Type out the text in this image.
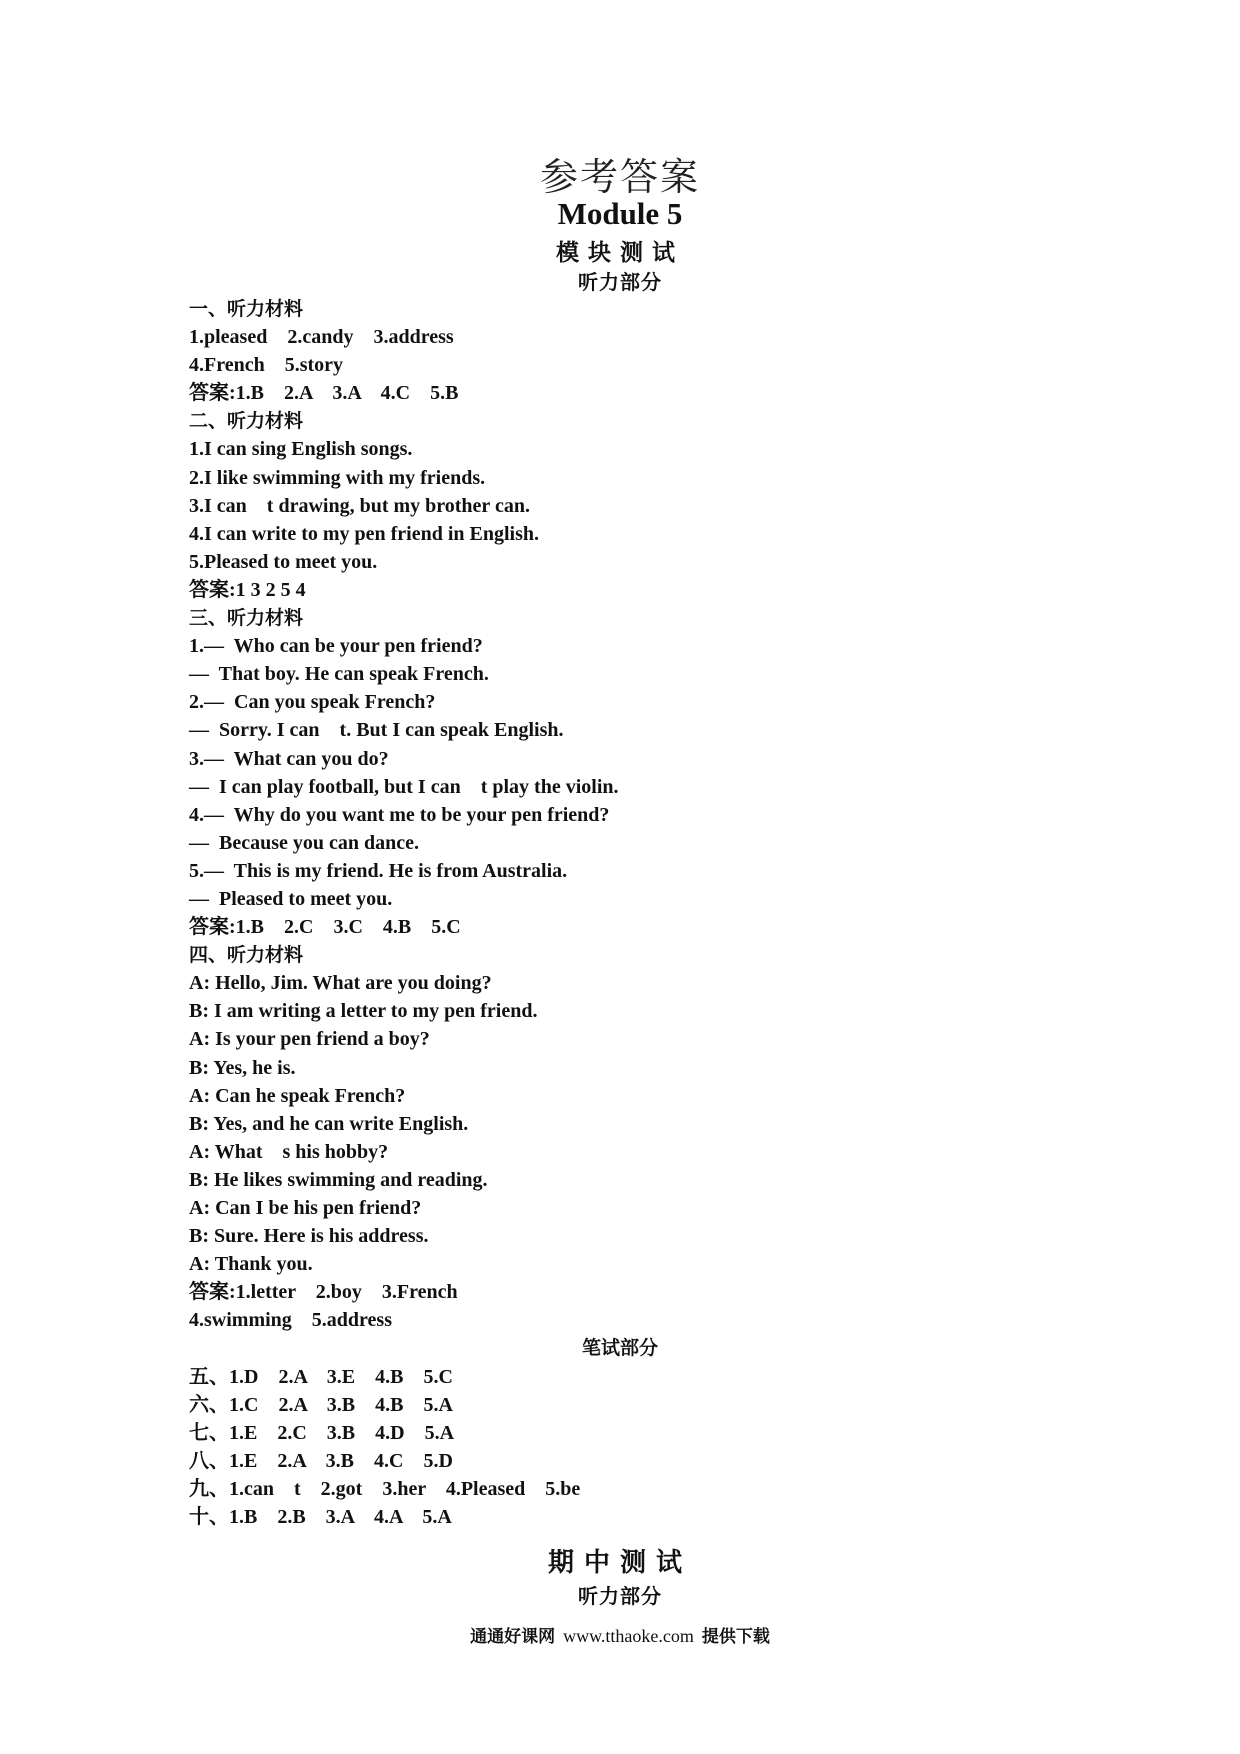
参考答案
Module 5
模块测试
听力部分
一、听力材料
1.pleased    2.candy    3.address
4.French    5.story
答案:1.B    2.A    3.A    4.C    5.B
二、听力材料
1.I can sing English songs.
2.I like swimming with my friends.
3.I can    t drawing, but my brother can.
4.I can write to my pen friend in English.
5.Pleased to meet you.
答案:1 3 2 5 4
三、听力材料
1.—  Who can be your pen friend?
—  That boy. He can speak French.
2.—  Can you speak French?
—  Sorry. I can    t. But I can speak English.
3.—  What can you do?
—  I can play football, but I can    t play the violin.
4.—  Why do you want me to be your pen friend?
—  Because you can dance.
5.—  This is my friend. He is from Australia.
—  Pleased to meet you.
答案:1.B    2.C    3.C    4.B    5.C
四、听力材料
A: Hello, Jim. What are you doing?
B: I am writing a letter to my pen friend.
A: Is your pen friend a boy?
B: Yes, he is.
A: Can he speak French?
B: Yes, and he can write English.
A: What    s his hobby?
B: He likes swimming and reading.
A: Can I be his pen friend?
B: Sure. Here is his address.
A: Thank you.
答案:1.letter    2.boy    3.French
4.swimming    5.address
笔试部分
五、1.D    2.A    3.E    4.B    5.C
六、1.C    2.A    3.B    4.B    5.A
七、1.E    2.C    3.B    4.D    5.A
八、1.E    2.A    3.B    4.C    5.D
九、1.can    t    2.got    3.her    4.Pleased    5.be
十、1.B    2.B    3.A    4.A    5.A
期中测试
听力部分
通通好课网 www.tthaoke.com 提供下载
